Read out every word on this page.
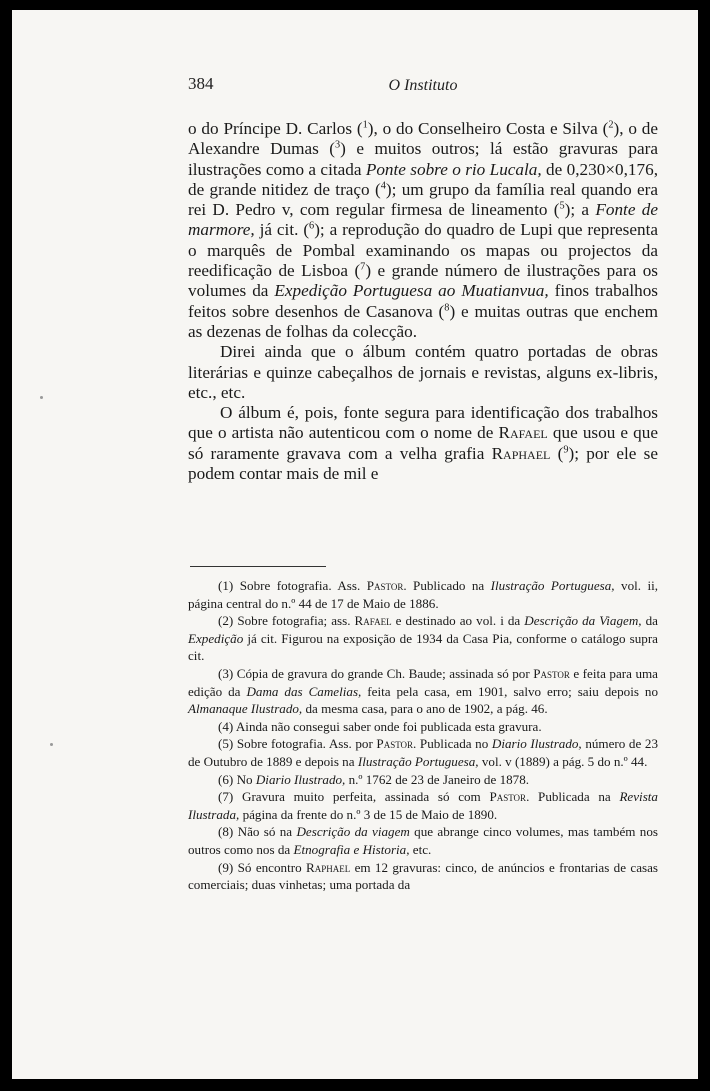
384	O Instituto

o do Príncipe D. Carlos ($^1$), o do Conselheiro Costa e Silva ($^2$), o de Alexandre Dumas ($^3$) e muitos outros; lá estão gravuras para ilustrações como a citada Ponte sobre o rio Lucala, de 0,230×0,176, de grande nitidez de traço ($^4$); um grupo da família real quando era rei D. Pedro v, com regular firmesa de lineamento ($^5$); a Fonte de marmore, já cit. ($^6$); a reprodução do quadro de Lupi que representa o marquês de Pombal examinando os mapas ou projectos da reedificação de Lisboa ($^7$) e grande número de ilustrações para os volumes da Expedição Portuguesa ao Muatianvua, finos trabalhos feitos sobre desenhos de Casanova ($^8$) e muitas outras que enchem as dezenas de folhas da colecção.

Direi ainda que o álbum contém quatro portadas de obras literárias e quinze cabeçalhos de jornais e revistas, alguns ex-libris, etc., etc.

O álbum é, pois, fonte segura para identificação dos trabalhos que o artista não autenticou com o nome de Rafael que usou e que só raramente gravava com a velha grafia Raphael ($^9$); por ele se podem contar mais de mil e

(1) Sobre fotografia. Ass. Pastor. Publicado na Ilustração Portuguesa, vol. ii, página central do n.º 44 de 17 de Maio de 1886.

(2) Sobre fotografia; ass. Rafael e destinado ao vol. i da Descrição da Viagem, da Expedição já cit. Figurou na exposição de 1934 da Casa Pia, conforme o catálogo supra cit.

(3) Cópia de gravura do grande Ch. Baude; assinada só por Pastor e feita para uma edição da Dama das Camelias, feita pela casa, em 1901, salvo erro; saiu depois no Almanaque Ilustrado, da mesma casa, para o ano de 1902, a pág. 46.

(4) Ainda não consegui saber onde foi publicada esta gravura.

(5) Sobre fotografia. Ass. por Pastor. Publicada no Diario Ilustrado, número de 23 de Outubro de 1889 e depois na Ilustração Portuguesa, vol. v (1889) a pág. 5 do n.º 44.

(6) No Diario Ilustrado, n.º 1762 de 23 de Janeiro de 1878.

(7) Gravura muito perfeita, assinada só com Pastor. Publicada na Revista Ilustrada, página da frente do n.º 3 de 15 de Maio de 1890.

(8) Não só na Descrição da viagem que abrange cinco volumes, mas também nos outros como nos da Etnografia e Historia, etc.

(9) Só encontro Raphael em 12 gravuras: cinco, de anúncios e frontarias de casas comerciais; duas vinhetas; uma portada da
